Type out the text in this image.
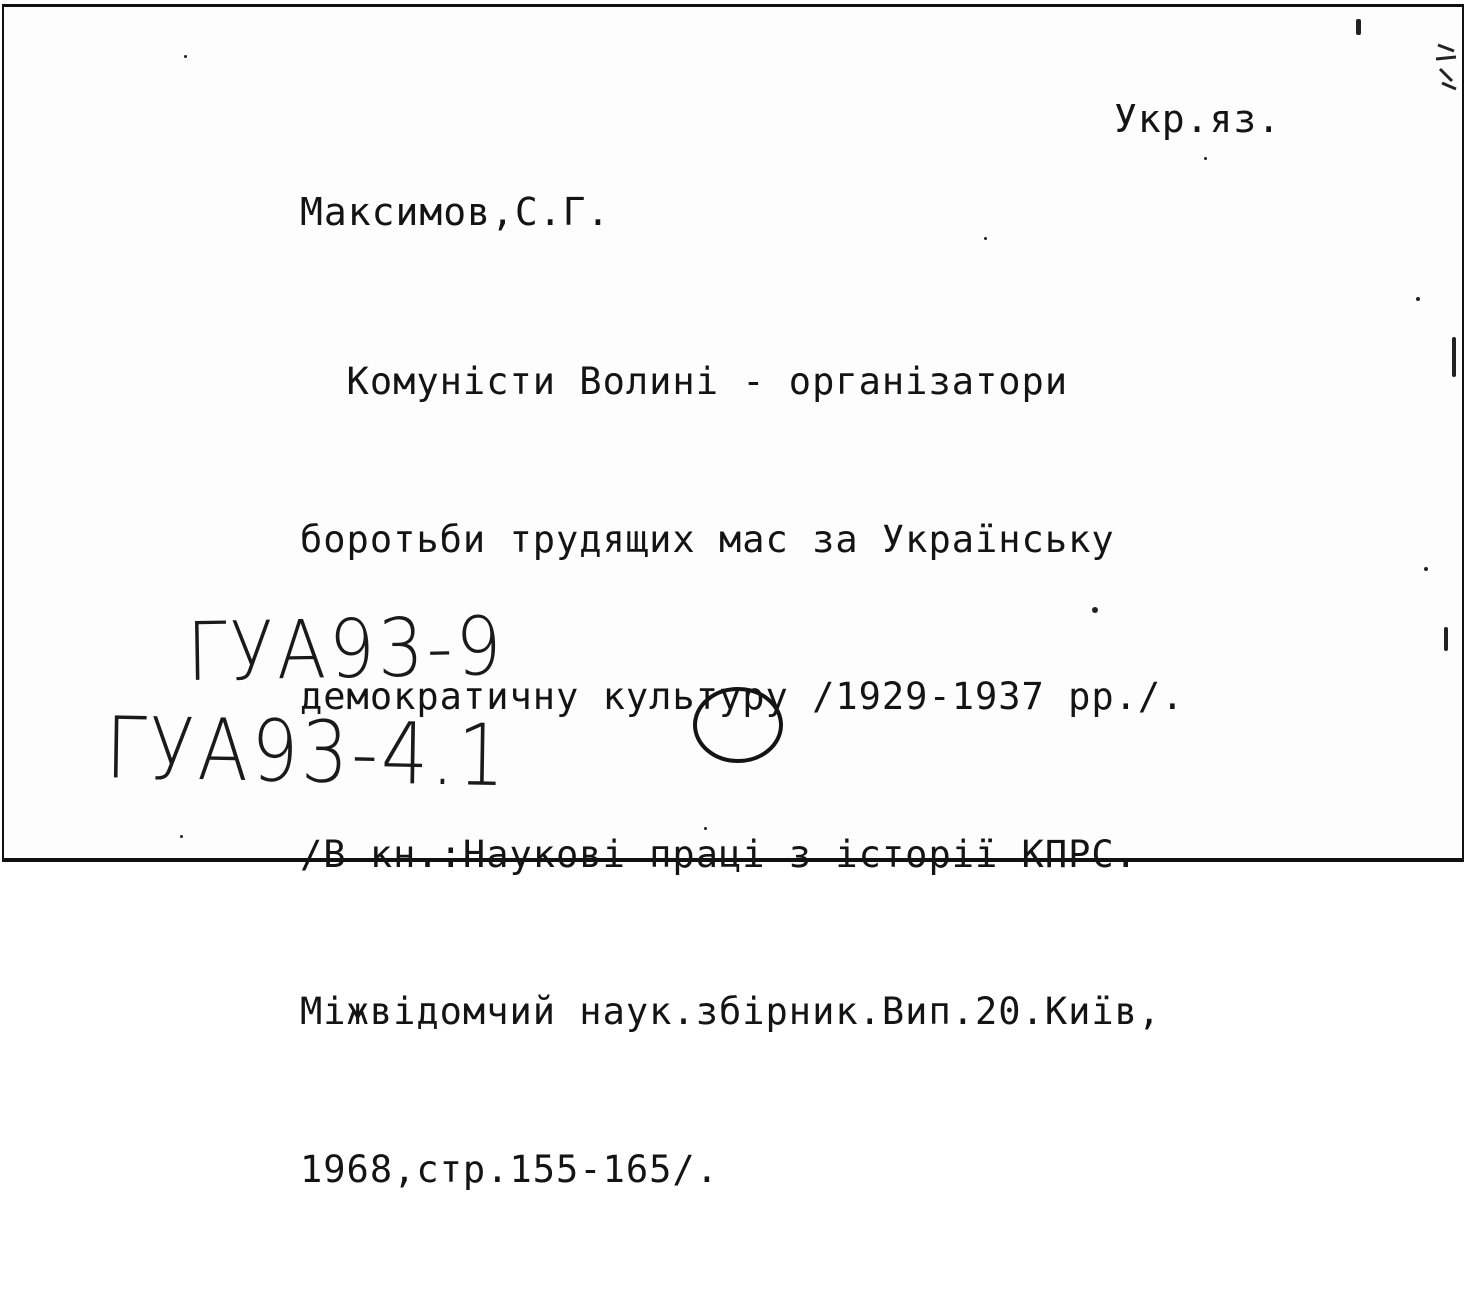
Укр.яз.
Максимов,С.Г.

Комуністи Волині - організатори

боротьби трудящих мас за Українську

демократичну культуру /1929-1937 рр./.

/В кн.:Наукові праці з історії КПРС.

Міжвідомчий наук.збірник.Вип.20.Київ,

1968,стр.155-165/.

ГУА93-9
ГУА93-4.1
